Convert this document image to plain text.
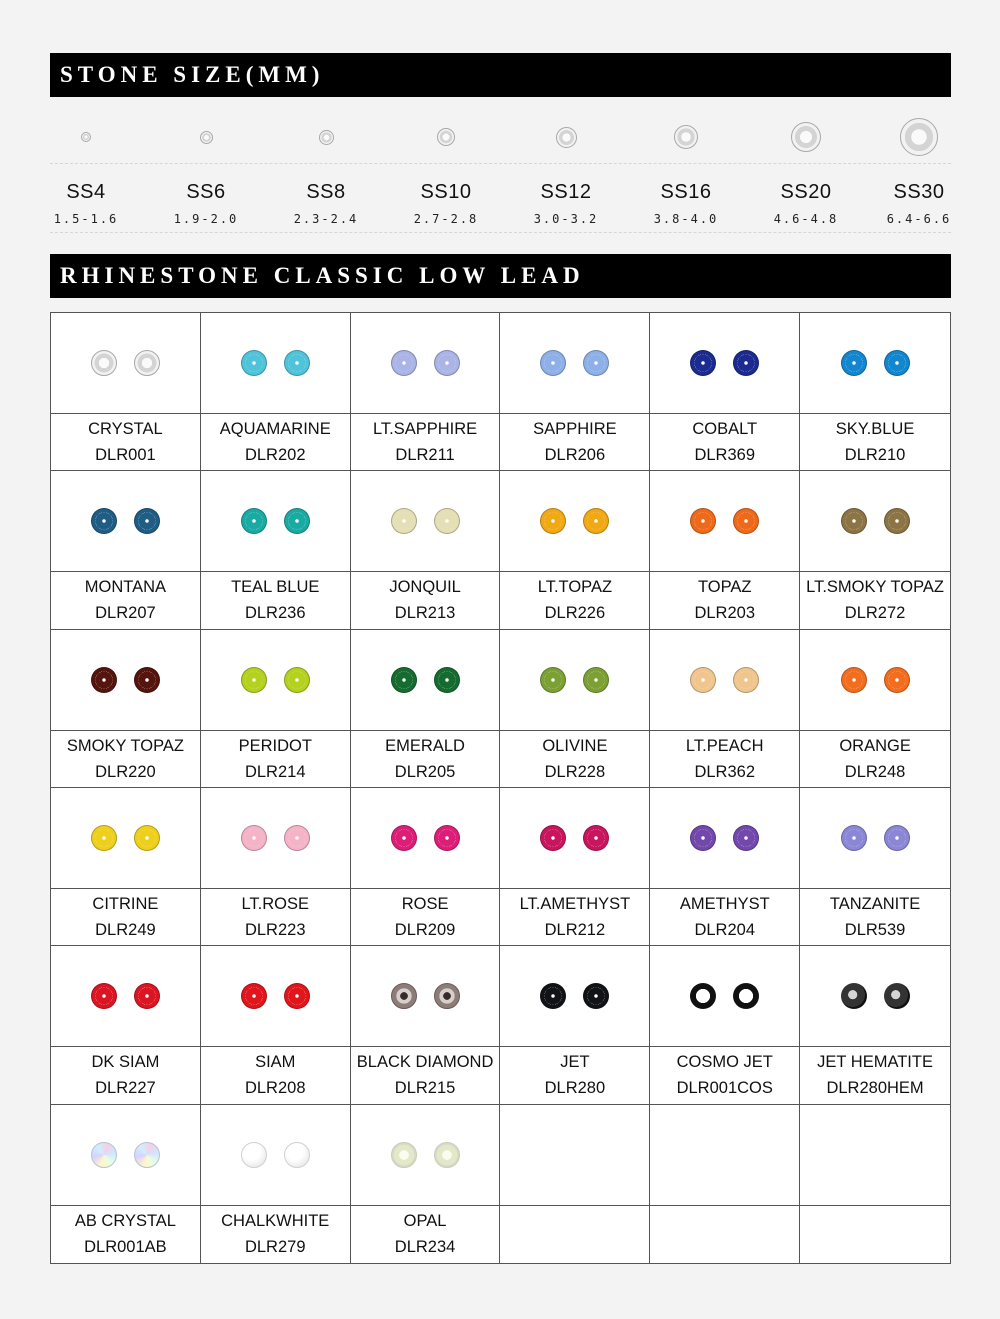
STONE SIZE(MM)
SS4
1.5-1.6
SS6
1.9-2.0
SS8
2.3-2.4
SS10
2.7-2.8
SS12
3.0-3.2
SS16
3.8-4.0
SS20
4.6-4.8
SS30
6.4-6.6
RHINESTONE CLASSIC LOW LEAD
CRYSTAL
DLR001
AQUAMARINE
DLR202
LT.SAPPHIRE
DLR211
SAPPHIRE
DLR206
COBALT
DLR369
SKY.BLUE
DLR210
MONTANA
DLR207
TEAL BLUE
DLR236
JONQUIL
DLR213
LT.TOPAZ
DLR226
TOPAZ
DLR203
LT.SMOKY TOPAZ
DLR272
SMOKY TOPAZ
DLR220
PERIDOT
DLR214
EMERALD
DLR205
OLIVINE
DLR228
LT.PEACH
DLR362
ORANGE
DLR248
CITRINE
DLR249
LT.ROSE
DLR223
ROSE
DLR209
LT.AMETHYST
DLR212
AMETHYST
DLR204
TANZANITE
DLR539
DK SIAM
DLR227
SIAM
DLR208
BLACK DIAMOND
DLR215
JET
DLR280
COSMO JET
DLR001COS
JET HEMATITE
DLR280HEM
AB CRYSTAL
DLR001AB
CHALKWHITE
DLR279
OPAL
DLR234
